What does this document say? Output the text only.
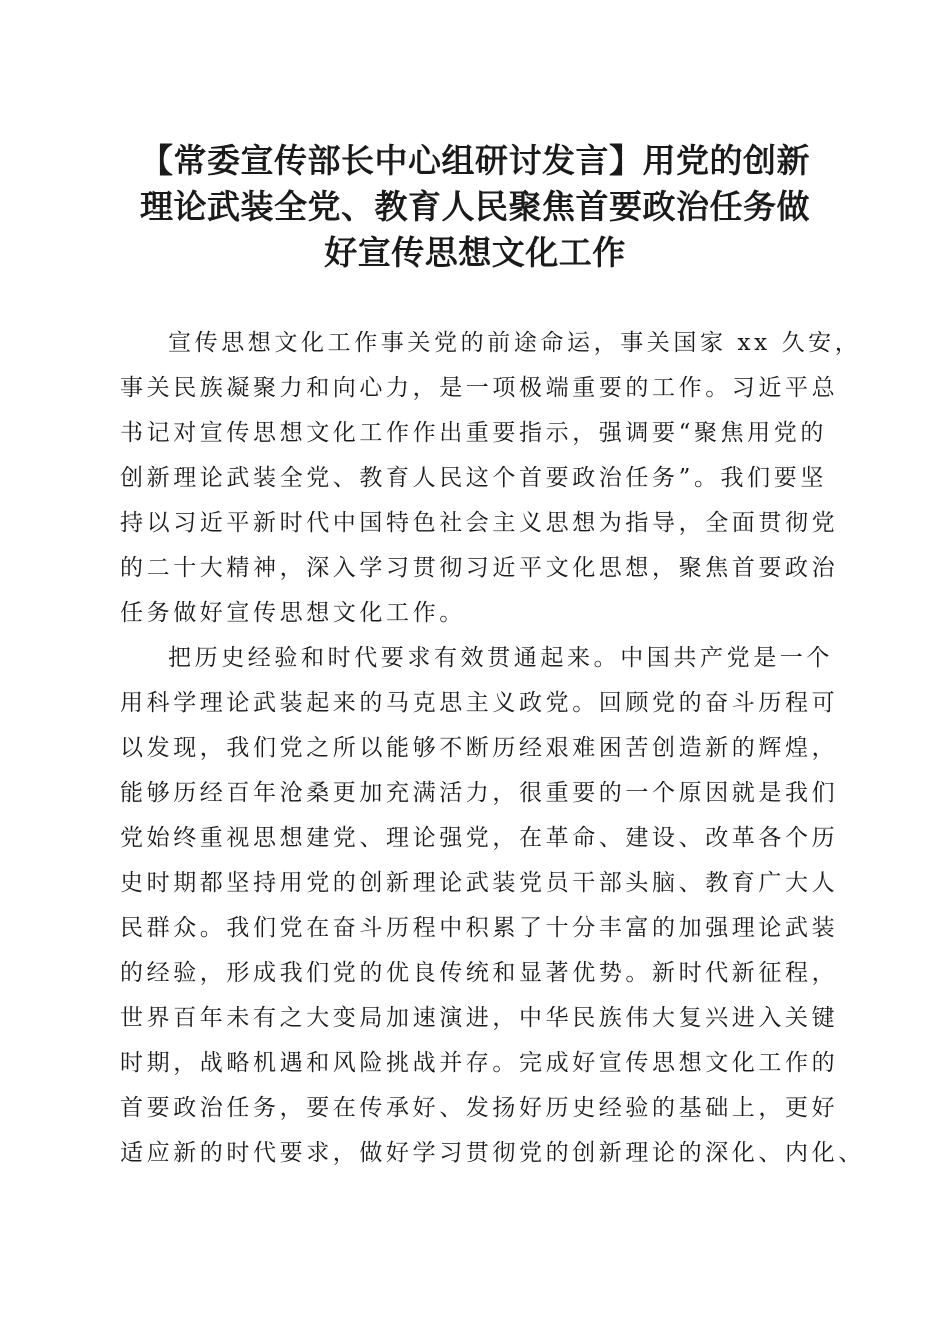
【常委宣传部长中心组研讨发言】用党的创新
理论武装全党、教育人民聚焦首要政治任务做
好宣传思想文化工作
宣传思想文化工作事关党的前途命运，事关国家 xx 久安，
事关民族凝聚力和向心力，是一项极端重要的工作。习近平总
书记对宣传思想文化工作作出重要指示，强调要“聚焦用党的
创新理论武装全党、教育人民这个首要政治任务”。我们要坚
持以习近平新时代中国特色社会主义思想为指导，全面贯彻党
的二十大精神，深入学习贯彻习近平文化思想，聚焦首要政治
任务做好宣传思想文化工作。
把历史经验和时代要求有效贯通起来。中国共产党是一个
用科学理论武装起来的马克思主义政党。回顾党的奋斗历程可
以发现，我们党之所以能够不断历经艰难困苦创造新的辉煌，
能够历经百年沧桑更加充满活力，很重要的一个原因就是我们
党始终重视思想建党、理论强党，在革命、建设、改革各个历
史时期都坚持用党的创新理论武装党员干部头脑、教育广大人
民群众。我们党在奋斗历程中积累了十分丰富的加强理论武装
的经验，形成我们党的优良传统和显著优势。新时代新征程，
世界百年未有之大变局加速演进，中华民族伟大复兴进入关键
时期，战略机遇和风险挑战并存。完成好宣传思想文化工作的
首要政治任务，要在传承好、发扬好历史经验的基础上，更好
适应新的时代要求，做好学习贯彻党的创新理论的深化、内化、
